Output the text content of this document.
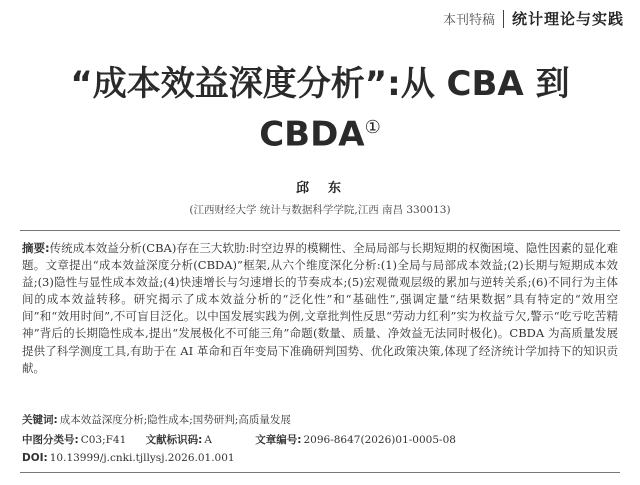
本刊特稿 统计理论与实践
“成本效益深度分析”:从 CBA 到
CBDA①
邱　东
(江西财经大学 统计与数据科学学院,江西 南昌 330013)
摘要:传统成本效益分析(CBA)存在三大软肋:时空边界的模糊性、全局局部与长期短期的权衡困境、隐性因素的显化难题。文章提出“成本效益深度分析(CBDA)”框架,从六个维度深化分析:(1)全局与局部成本效益;(2)长期与短期成本效益;(3)隐性与显性成本效益;(4)快速增长与匀速增长的节奏成本;(5)宏观微观层级的累加与逆转关系;(6)不同行为主体间的成本效益转移。研究揭示了成本效益分析的“泛化性”和“基础性”,强调定量“结果数据”具有特定的“效用空间”和“效用时间”,不可盲目泛化。以中国发展实践为例,文章批判性反思“劳动力红利”实为枚益亏欠,警示“吃亏吃苦精神”背后的长期隐性成本,提出“发展极化不可能三角”命题(数量、质量、净效益无法同时极化)。CBDA 为高质量发展提供了科学测度工具,有助于在 AI 革命和百年变局下准确研判国势、优化政策决策,体现了经济统计学加持下的知识贡献。
关键词: 成本效益深度分析;隐性成本;国势研判;高质量发展
中图分类号: C03;F41 文献标识码: A	文章编号: 2096-8647(2026)01-0005-08
DOI: 10.13999/j.cnki.tjllysj.2026.01.001
